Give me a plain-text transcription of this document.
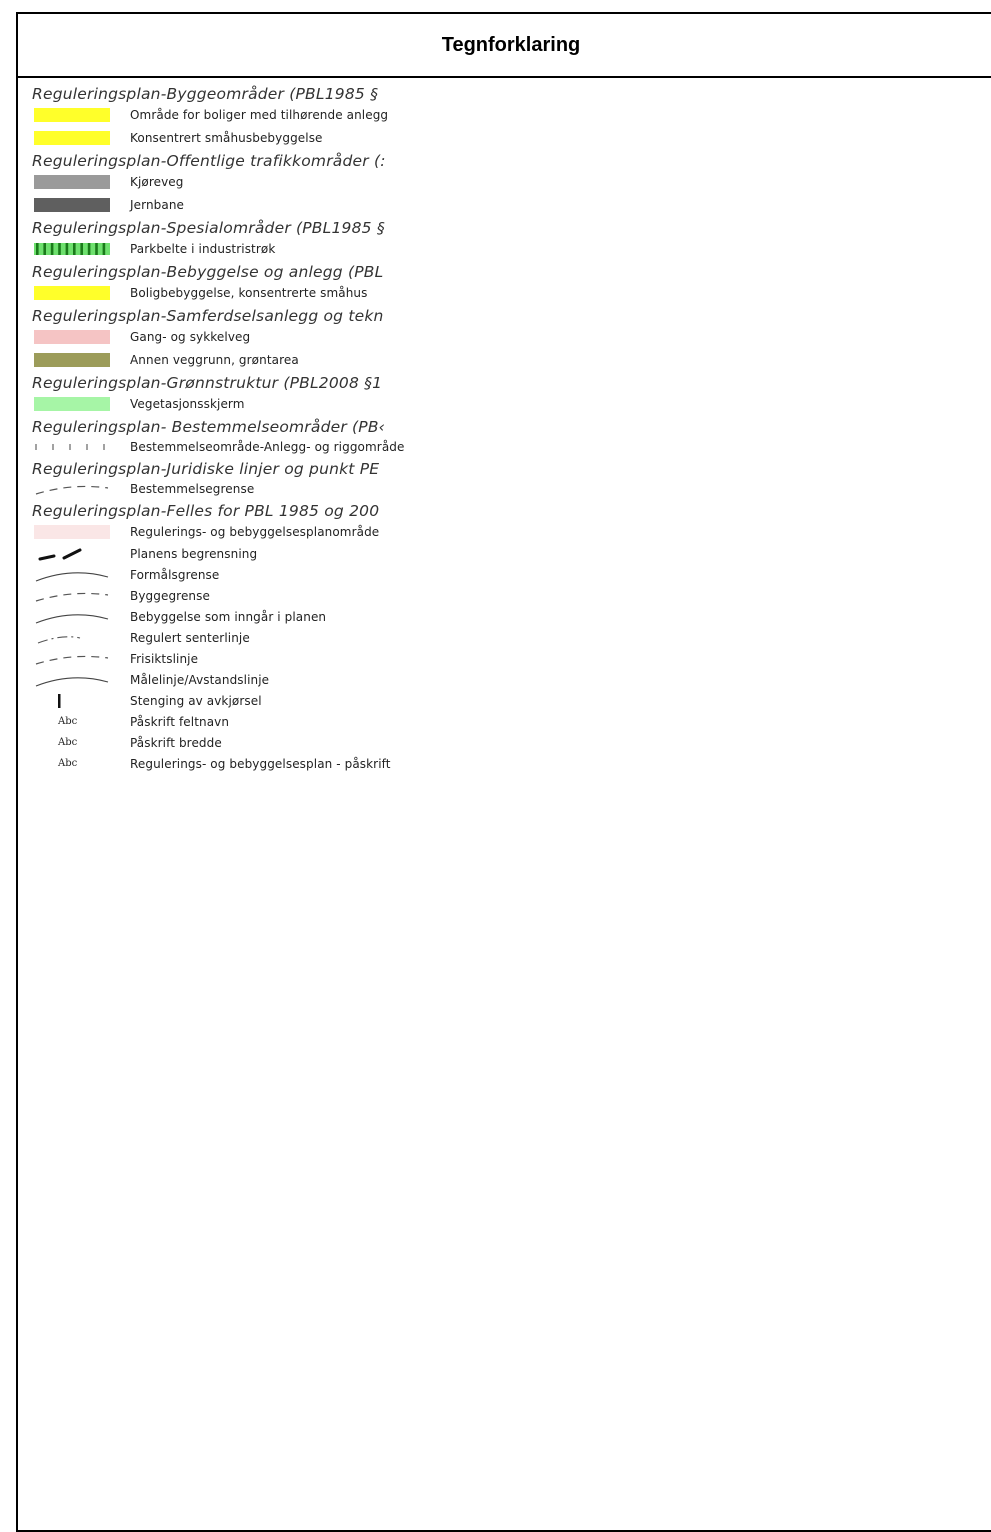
Tegnforklaring
Reguleringsplan-Byggeområder (PBL1985 §
Område for boliger med tilhørende anlegg
Konsentrert småhusbebyggelse
Reguleringsplan-Offentlige trafikkområder (:
Kjøreveg
Jernbane
Reguleringsplan-Spesialområder (PBL1985 §
Parkbelte i industristrøk
Reguleringsplan-Bebyggelse og anlegg (PBL
Boligbebyggelse, konsentrerte småhus
Reguleringsplan-Samferdselsanlegg og tekn
Gang- og sykkelveg
Annen veggrunn, grøntarea
Reguleringsplan-Grønnstruktur (PBL2008 §1
Vegetasjonsskjerm
Reguleringsplan- Bestemmelseområder (PB‹
Bestemmelseområde-Anlegg- og riggområde
Reguleringsplan-Juridiske linjer og punkt PE
Bestemmelsegrense
Reguleringsplan-Felles for PBL 1985 og 200
Regulerings- og bebyggelsesplanområde
Planens begrensning
Formålsgrense
Byggegrense
Bebyggelse som inngår i planen
Regulert senterlinje
Frisiktslinje
Målelinje/Avstandslinje
Stenging av avkjørsel
Abc	Påskrift feltnavn
Abc	Påskrift bredde
Abc	Regulerings- og bebyggelsesplan - påskrift
